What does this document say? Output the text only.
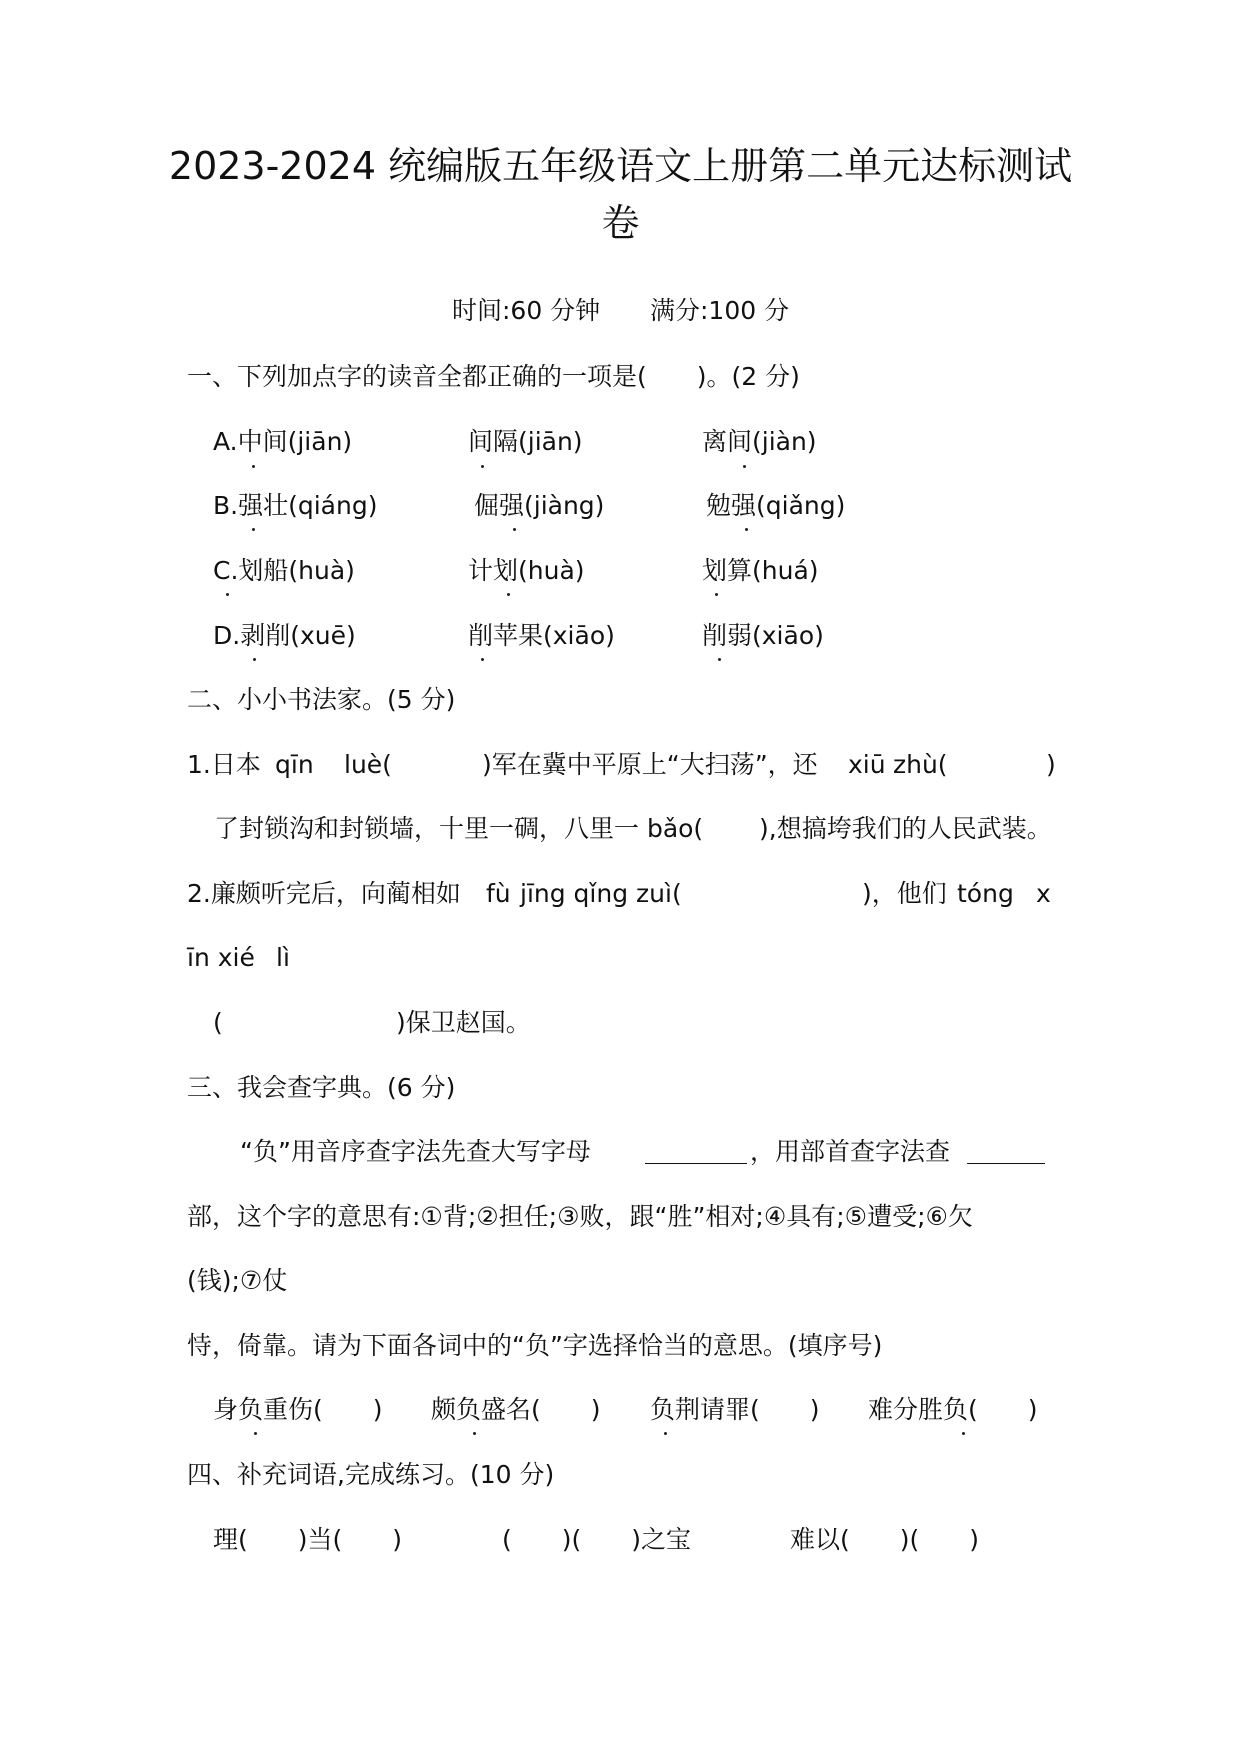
2023-2024 统编版五年级语文上册第二单元达标测试
卷
时间:60 分钟 满分:100 分
一、下列加点字的读音全都正确的一项是(　　)。(2 分)
A.中间(jiān)	间隔(jiān)	离间(jiàn)
B.强壮(qiáng)	倔强(jiàng)	勉强(qiǎng)
C.划船(huà)	计划(huà)	划算(huá)
D.剥削(xuē)	削苹果(xiāo)	削弱(xiāo)
二、小小书法家。(5 分)
1.日本 qīn luè(	)军在冀中平原上“大扫荡”，还 xiū zhù(	)
了封锁沟和封锁墙，十里一碉，八里一 bǎo( ),想搞垮我们的人民武装。
2.廉颇听完后，向蔺相如 fù jīng qǐng zuì(	)，他们 tóng x
īn xié lì
(	)保卫赵国。
三、我会查字典。(6 分)
“负”用音序查字法先查大写字母	，用部首查字法查
部，这个字的意思有:①背;②担任;③败，跟“胜”相对;④具有;⑤遭受;⑥欠
(钱);⑦仗
恃，倚靠。请为下面各词中的“负”字选择恰当的意思。(填序号)
身负重伤(　　) 颇负盛名(　　) 负荆请罪(　　) 难分胜负(　　)
四、补充词语,完成练习。(10 分)
理(　　)当(　　)	(　　)(　　)之宝	难以(　　)(　　)
